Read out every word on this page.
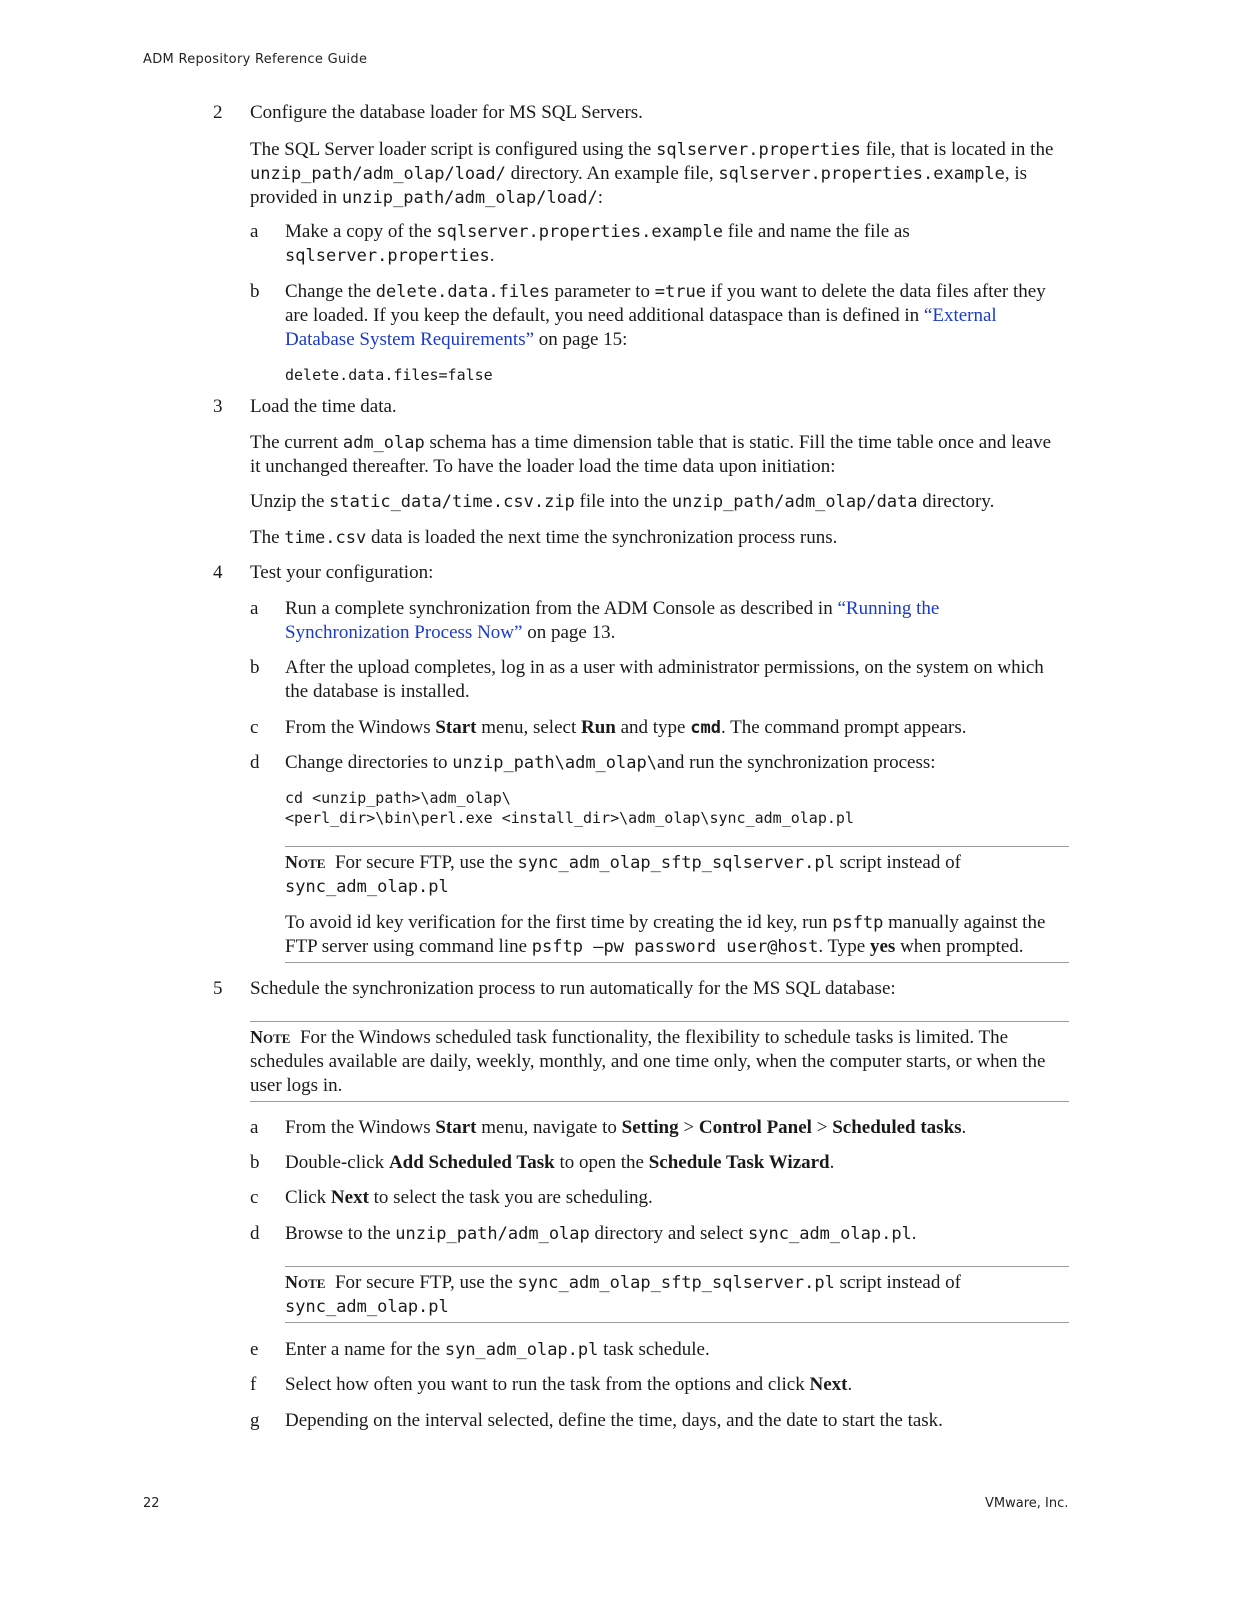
ADM Repository Reference Guide
2 Configure the database loader for MS SQL Servers.
The SQL Server loader script is configured using the sqlserver.properties file, that is located in the
unzip_path/adm_olap/load/ directory. An example file, sqlserver.properties.example, is
provided in unzip_path/adm_olap/load/:
a Make a copy of the sqlserver.properties.example file and name the file as
sqlserver.properties.
b Change the delete.data.files parameter to =true if you want to delete the data files after they
are loaded. If you keep the default, you need additional dataspace than is defined in “External
Database System Requirements” on page 15:
delete.data.files=false
3 Load the time data.
The current adm_olap schema has a time dimension table that is static. Fill the time table once and leave
it unchanged thereafter. To have the loader load the time data upon initiation:
Unzip the static_data/time.csv.zip file into the unzip_path/adm_olap/data directory.
The time.csv data is loaded the next time the synchronization process runs.
4 Test your configuration:
a Run a complete synchronization from the ADM Console as described in “Running the
Synchronization Process Now” on page 13.
b After the upload completes, log in as a user with administrator permissions, on the system on which
the database is installed.
c From the Windows Start menu, select Run and type cmd. The command prompt appears.
d Change directories to unzip_path\adm_olap\and run the synchronization process:
cd <unzip_path>\adm_olap\
<perl_dir>\bin\perl.exe <install_dir>\adm_olap\sync_adm_olap.pl
Note For secure FTP, use the sync_adm_olap_sftp_sqlserver.pl script instead of
sync_adm_olap.pl
To avoid id key verification for the first time by creating the id key, run psftp manually against the
FTP server using command line psftp –pw password user@host. Type yes when prompted.
5 Schedule the synchronization process to run automatically for the MS SQL database:
Note For the Windows scheduled task functionality, the flexibility to schedule tasks is limited. The
schedules available are daily, weekly, monthly, and one time only, when the computer starts, or when the
user logs in.
a From the Windows Start menu, navigate to Setting > Control Panel > Scheduled tasks.
b Double-click Add Scheduled Task to open the Schedule Task Wizard.
c Click Next to select the task you are scheduling.
d Browse to the unzip_path/adm_olap directory and select sync_adm_olap.pl.
Note For secure FTP, use the sync_adm_olap_sftp_sqlserver.pl script instead of
sync_adm_olap.pl
e Enter a name for the syn_adm_olap.pl task schedule.
f Select how often you want to run the task from the options and click Next.
g Depending on the interval selected, define the time, days, and the date to start the task.
22	VMware, Inc.
